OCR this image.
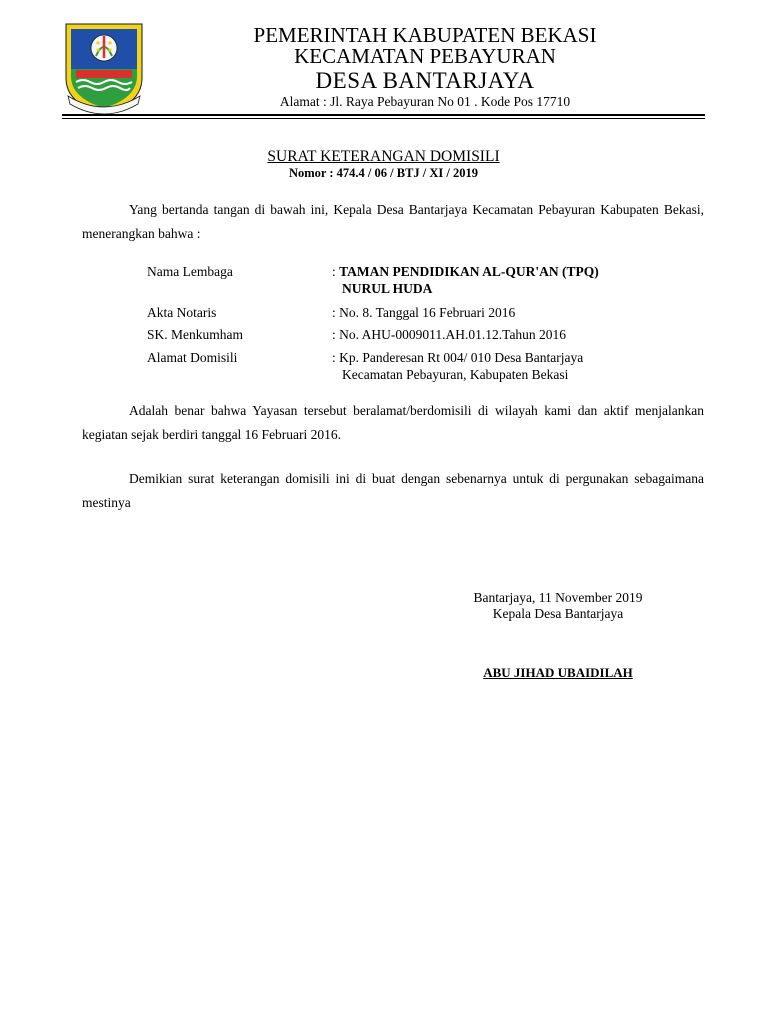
PEMERINTAH KABUPATEN BEKASI
KECAMATAN PEBAYURAN
DESA BANTARJAYA
Alamat : Jl. Raya Pebayuran No 01 . Kode Pos 17710
SURAT KETERANGAN DOMISILI
Nomor : 474.4 / 06 / BTJ / XI / 2019
Yang bertanda tangan di bawah ini, Kepala Desa Bantarjaya Kecamatan Pebayuran Kabupaten Bekasi, menerangkan bahwa :
Nama Lembaga	: TAMAN PENDIDIKAN AL-QUR'AN (TPQ)
NURUL HUDA
Akta Notaris	: No. 8. Tanggal 16 Februari 2016
SK. Menkumham	: No. AHU-0009011.AH.01.12.Tahun 2016
Alamat Domisili	: Kp. Panderesan Rt 004/ 010 Desa Bantarjaya
Kecamatan Pebayuran, Kabupaten Bekasi
Adalah benar bahwa Yayasan tersebut beralamat/berdomisili di wilayah kami dan aktif menjalankan kegiatan sejak berdiri tanggal 16 Februari 2016.
Demikian surat keterangan domisili ini di buat dengan sebenarnya untuk di pergunakan sebagaimana mestinya
Bantarjaya, 11 November 2019
Kepala Desa Bantarjaya
ABU JIHAD UBAIDILAH
